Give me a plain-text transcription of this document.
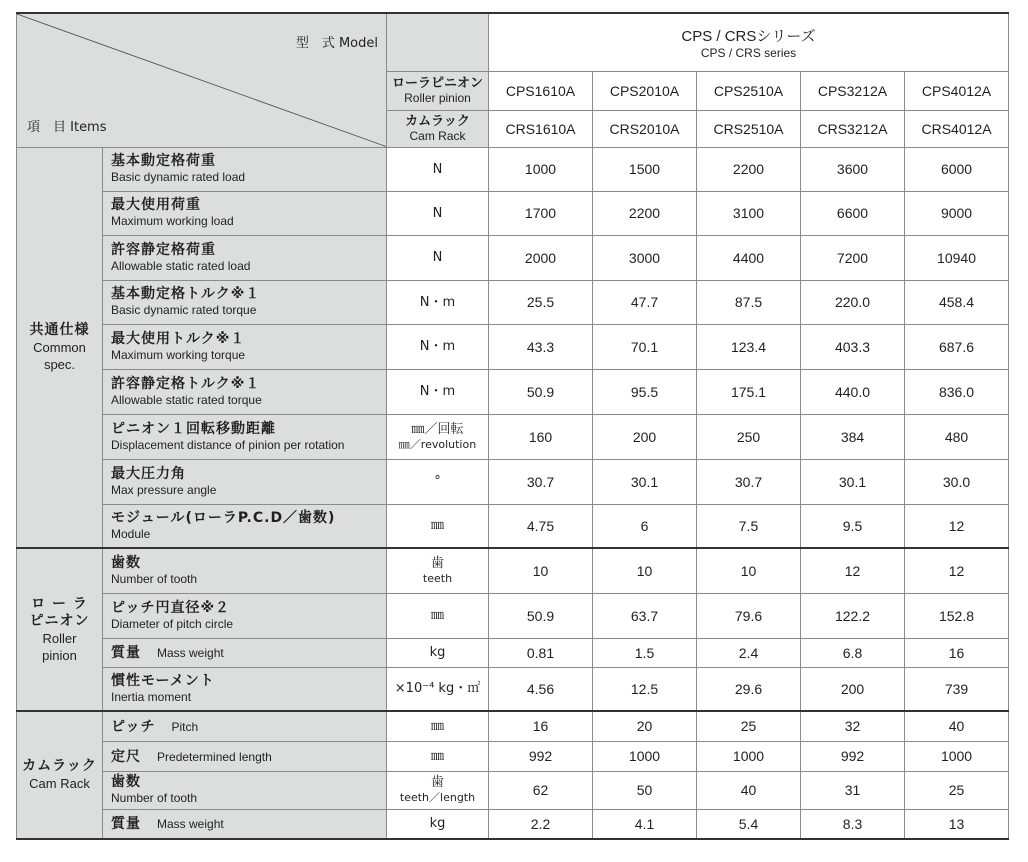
型　式 Model
項　目 Items			CPS / CRSシリーズ
CPS / CRS series				

		ローラピニオン
Roller pinion	CPS1610A	CPS2010A	CPS2510A	CPS3212A	CPS4012A

		カムラック
Cam Rack	CRS1610A	CRS2010A	CRS2510A	CRS3212A	CRS4012A

共通仕様
Common
spec.	基本動定格荷重
Basic dynamic rated load	N	1000	1500	2200	3600	6000

	最大使用荷重
Maximum working load	N	1700	2200	3100	6600	9000

	許容静定格荷重
Allowable static rated load	N	2000	3000	4400	7200	10940

	基本動定格トルク※１
Basic dynamic rated torque	N・m	25.5	47.7	87.5	220.0	458.4

	最大使用トルク※１
Maximum working torque	N・m	43.3	70.1	123.4	403.3	687.6

	許容静定格トルク※１
Allowable static rated torque	N・m	50.9	95.5	175.1	440.0	836.0

	ピニオン１回転移動距離
Displacement distance of pinion per rotation	㎜／回転
㎜／revolution	160	200	250	384	480

	最大圧力角
Max pressure angle	°	30.7	30.1	30.7	30.1	30.0

	モジュール(ローラP.C.D／歯数)
Module	㎜	4.75	6	7.5	9.5	12

ロ ー ラ
ピニオン
Roller
pinion	歯数
Number of tooth	歯
teeth	10	10	10	12	12

	ピッチ円直径※２
Diameter of pitch circle	㎜	50.9	63.7	79.6	122.2	152.8
	質量　 Mass weight	kg	0.81	1.5	2.4	6.8	16

	慣性モーメント
Inertia moment	×10⁻⁴ kg・㎡	4.56	12.5	29.6	200	739

カムラック
Cam Rack	ピッチ　 Pitch	㎜	16	20	25	32	40
	定尺　 Predetermined length	㎜	992	1000	1000	992	1000

	歯数
Number of tooth	歯
teeth／length	62	50	40	31	25
	質量　 Mass weight	kg	2.2	4.1	5.4	8.3	13
